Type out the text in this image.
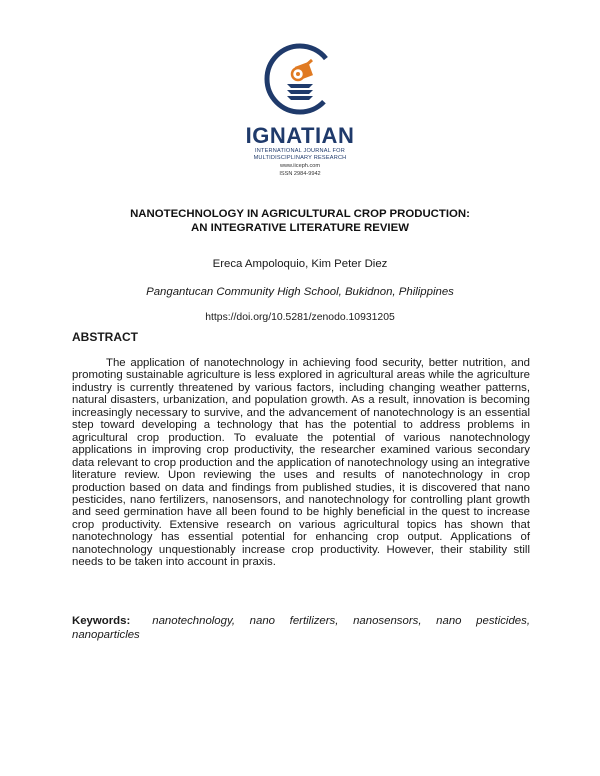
IGNATIAN
INTERNATIONAL JOURNAL FOR
MULTIDISCIPLINARY RESEARCH
www.iiceph.com
ISSN 2984-9942
NANOTECHNOLOGY IN AGRICULTURAL CROP PRODUCTION:
AN INTEGRATIVE LITERATURE REVIEW
Ereca Ampoloquio, Kim Peter Diez
Pangantucan Community High School, Bukidnon, Philippines
https://doi.org/10.5281/zenodo.10931205
ABSTRACT
The application of nanotechnology in achieving food security, better nutrition, and promoting sustainable agriculture is less explored in agricultural areas while the agriculture industry is currently threatened by various factors, including changing weather patterns, natural disasters, urbanization, and population growth. As a result, innovation is becoming increasingly necessary to survive, and the advancement of nanotechnology is an essential step toward developing a technology that has the potential to address problems in agricultural crop production. To evaluate the potential of various nanotechnology applications in improving crop productivity, the researcher examined various secondary data relevant to crop production and the application of nanotechnology using an integrative literature review. Upon reviewing the uses and results of nanotechnology in crop production based on data and findings from published studies, it is discovered that nano pesticides, nano fertilizers, nanosensors, and nanotechnology for controlling plant growth and seed germination have all been found to be highly beneficial in the quest to increase crop productivity. Extensive research on various agricultural topics has shown that nanotechnology has essential potential for enhancing crop output. Applications of nanotechnology unquestionably increase crop productivity. However, their stability still needs to be taken into account in praxis.
Keywords: nanotechnology, nano fertilizers, nanosensors, nano pesticides, nanoparticles
